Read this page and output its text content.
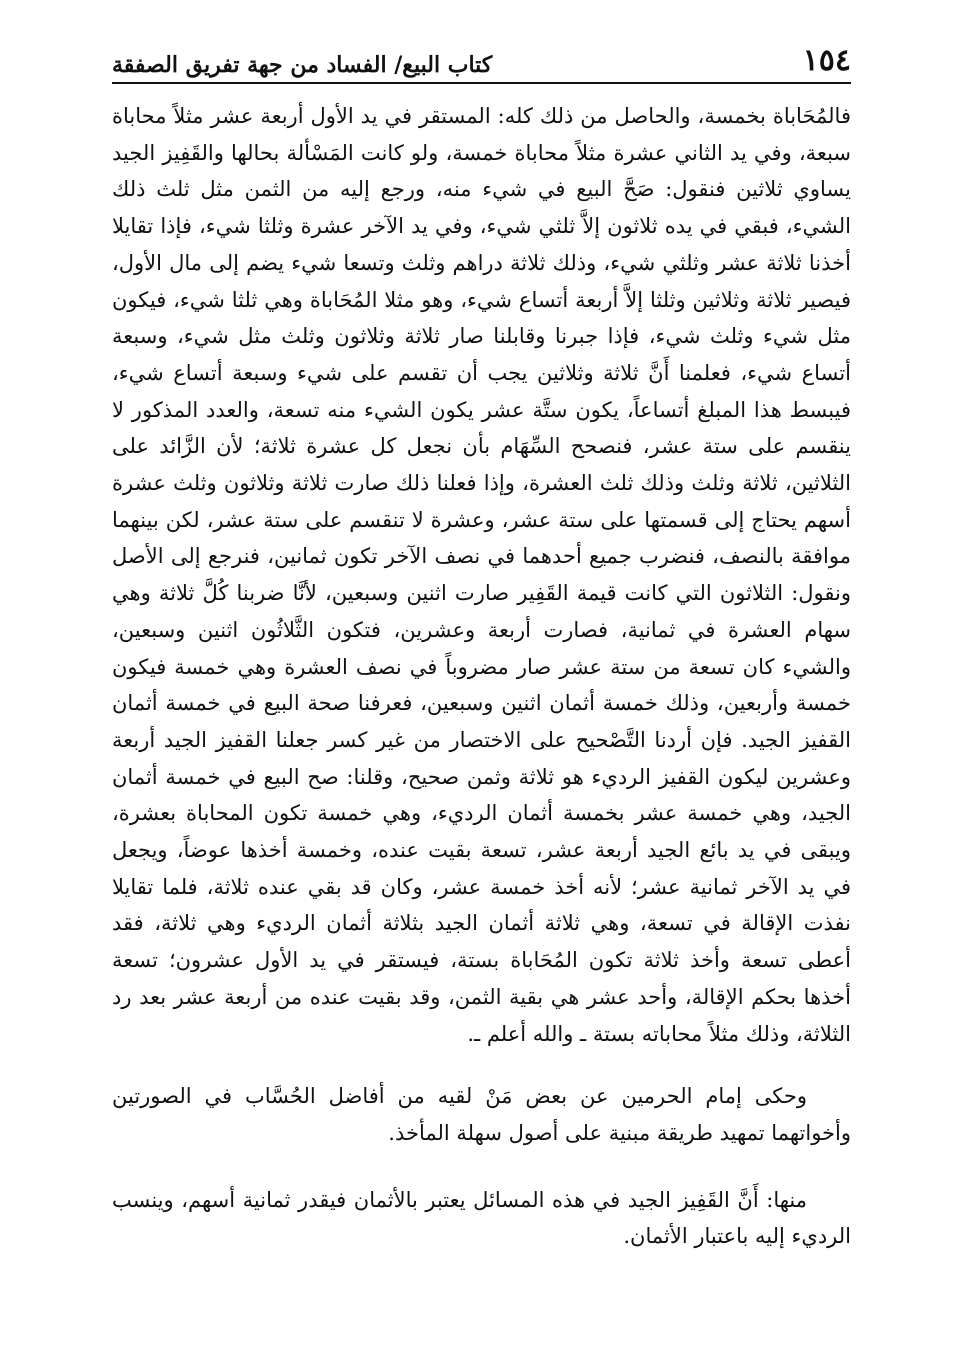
١٥٤
كتاب البيع/ الفساد من جهة تفريق الصفقة

فالمُحَاباة بخمسة، والحاصل من ذلك كله: المستقر في يد الأول أربعة عشر مثلاً محاباة سبعة، وفي يد الثاني عشرة مثلاً محاباة خمسة، ولو كانت المَسْألة بحالها والقَفِيز الجيد يساوي ثلاثين فنقول: صَحَّ البيع في شيء منه، ورجع إليه من الثمن مثل ثلث ذلك الشيء، فبقي في يده ثلاثون إلاَّ ثلثي شيء، وفي يد الآخر عشرة وثلثا شيء، فإذا تقايلا أخذنا ثلاثة عشر وثلثي شيء، وذلك ثلاثة دراهم وثلث وتسعا شيء يضم إلى مال الأول، فيصير ثلاثة وثلاثين وثلثا إلاَّ أربعة أتساع شيء، وهو مثلا المُحَاباة وهي ثلثا شيء، فيكون مثل شيء وثلث شيء، فإذا جبرنا وقابلنا صار ثلاثة وثلاثون وثلث مثل شيء، وسبعة أتساع شيء، فعلمنا أَنَّ ثلاثة وثلاثين يجب أن تقسم على شيء وسبعة أتساع شيء، فيبسط هذا المبلغ أتساعاً، يكون ستَّة عشر يكون الشيء منه تسعة، والعدد المذكور لا ينقسم على ستة عشر، فنصحح السِّهَام بأن نجعل كل عشرة ثلاثة؛ لأن الزَّائد على الثلاثين، ثلاثة وثلث وذلك ثلث العشرة، وإذا فعلنا ذلك صارت ثلاثة وثلاثون وثلث عشرة أسهم يحتاج إلى قسمتها على ستة عشر، وعشرة لا تنقسم على ستة عشر، لكن بينهما موافقة بالنصف، فنضرب جميع أحدهما في نصف الآخر تكون ثمانين، فنرجع إلى الأصل ونقول: الثلاثون التي كانت قيمة القَفِير صارت اثنين وسبعين، لأنَّا ضربنا كُلَّ ثلاثة وهي سهام العشرة في ثمانية، فصارت أربعة وعشرين، فتكون الثَّلاثُون اثنين وسبعين، والشيء كان تسعة من ستة عشر صار مضروباً في نصف العشرة وهي خمسة فيكون خمسة وأربعين، وذلك خمسة أثمان اثنين وسبعين، فعرفنا صحة البيع في خمسة أثمان القفيز الجيد. فإن أردنا التَّصْحيح على الاختصار من غير كسر جعلنا القفيز الجيد أربعة وعشرين ليكون القفيز الرديء هو ثلاثة وثمن صحيح، وقلنا: صح البيع في خمسة أثمان الجيد، وهي خمسة عشر بخمسة أثمان الرديء، وهي خمسة تكون المحاباة بعشرة، ويبقى في يد بائع الجيد أربعة عشر، تسعة بقيت عنده، وخمسة أخذها عوضاً، ويجعل في يد الآخر ثمانية عشر؛ لأنه أخذ خمسة عشر، وكان قد بقي عنده ثلاثة، فلما تقايلا نفذت الإقالة في تسعة، وهي ثلاثة أثمان الجيد بثلاثة أثمان الرديء وهي ثلاثة، فقد أعطى تسعة وأخذ ثلاثة تكون المُحَاباة بستة، فيستقر في يد الأول عشرون؛ تسعة أخذها بحكم الإقالة، وأحد عشر هي بقية الثمن، وقد بقيت عنده من أربعة عشر بعد رد الثلاثة، وذلك مثلاً محاباته بستة ـ والله أعلم ـ.

وحكى إمام الحرمين عن بعض مَنْ لقيه من أفاضل الحُسَّاب في الصورتين وأخواتهما تمهيد طريقة مبنية على أصول سهلة المأخذ.

منها: أَنَّ القَفِيز الجيد في هذه المسائل يعتبر بالأثمان فيقدر ثمانية أسهم، وينسب الرديء إليه باعتبار الأثمان.
